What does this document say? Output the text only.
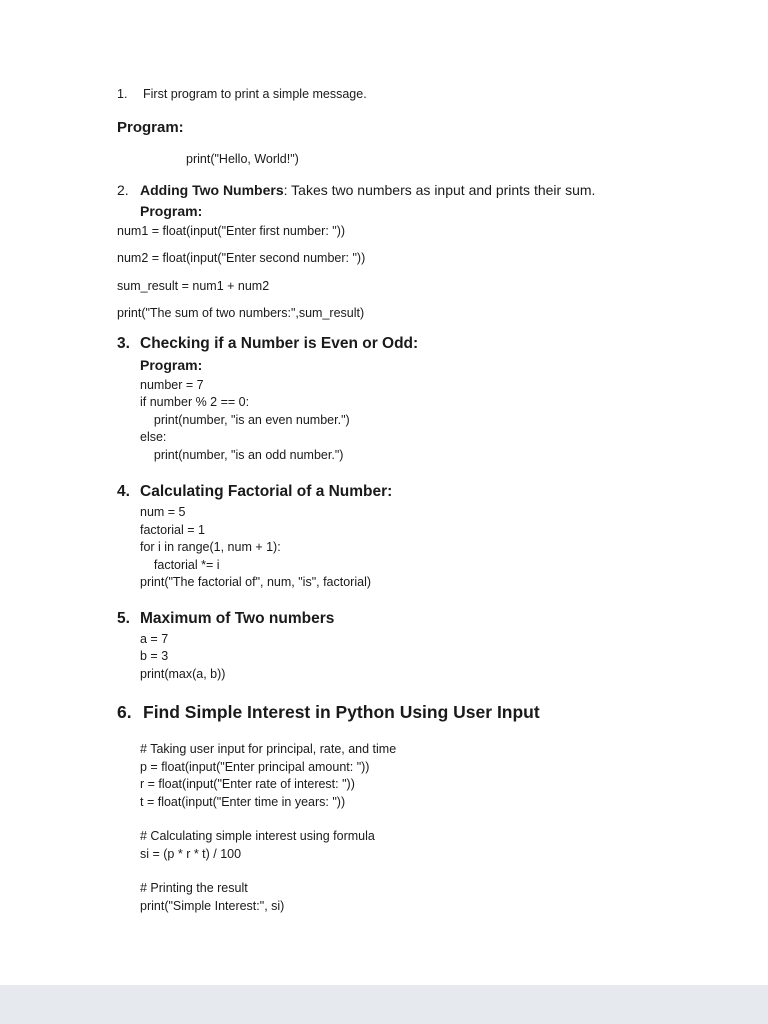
1.	First program to print a simple message.
Program:
print("Hello, World!")
2. Adding Two Numbers: Takes two numbers as input and prints their sum.
Program:
num1 = float(input("Enter first number: "))
num2 = float(input("Enter second number: "))
sum_result = num1 + num2
print("The sum of two numbers:",sum_result)
3. Checking if a Number is Even or Odd:
Program:
number = 7
if number % 2 == 0:
print(number, "is an even number.")
else:
print(number, "is an odd number.")
4. Calculating Factorial of a Number:
num = 5
factorial = 1
for i in range(1, num + 1):
factorial *= i
print("The factorial of", num, "is", factorial)
5. Maximum of Two numbers
a = 7
b = 3
print(max(a, b))
6. Find Simple Interest in Python Using User Input
# Taking user input for principal, rate, and time
p = float(input("Enter principal amount: "))
r = float(input("Enter rate of interest: "))
t = float(input("Enter time in years: "))
# Calculating simple interest using formula
si = (p * r * t) / 100
# Printing the result
print("Simple Interest:", si)
